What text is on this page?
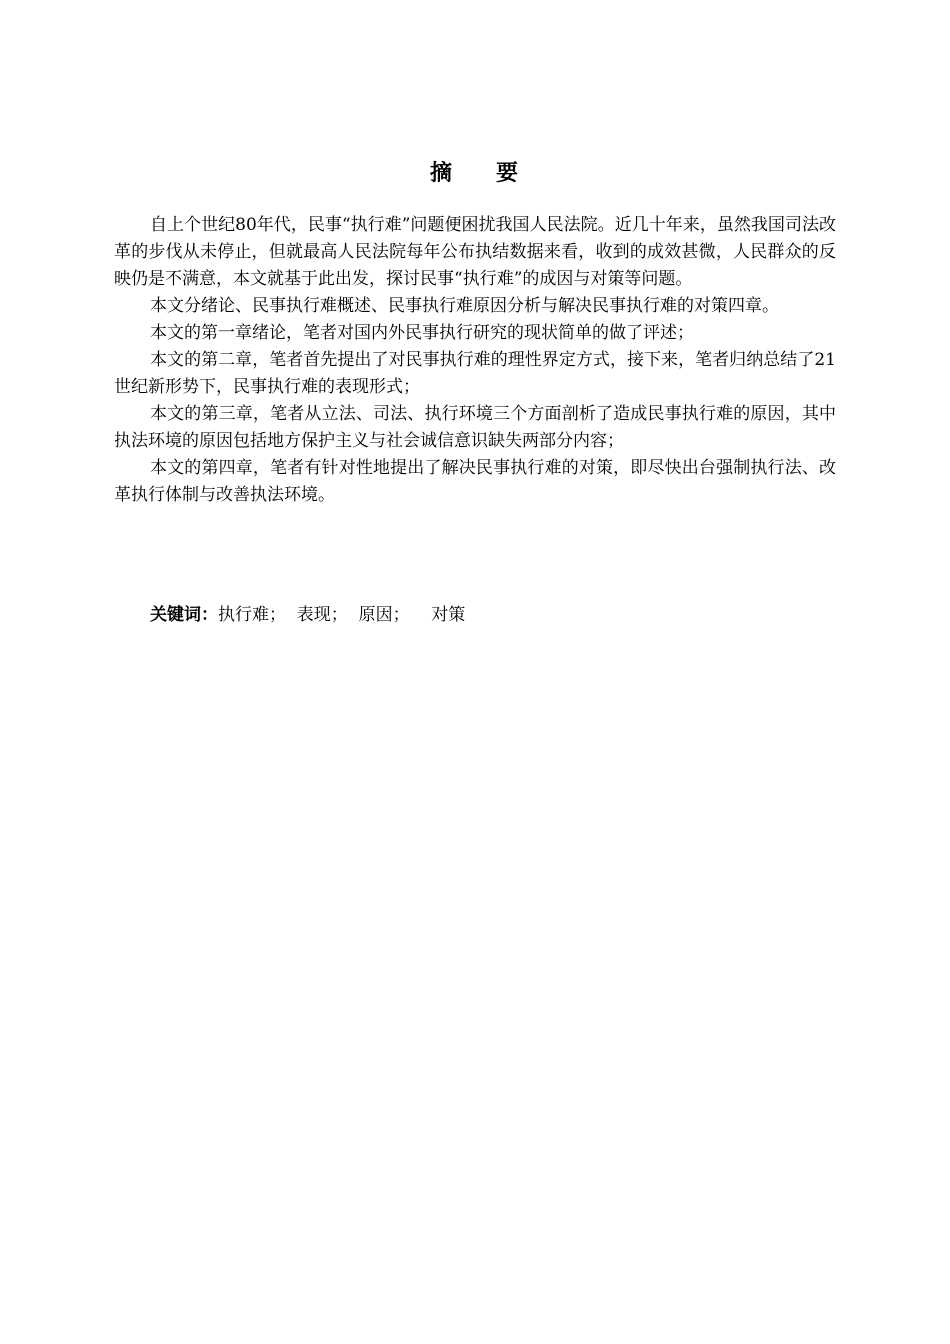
摘 要

自上个世纪80年代，民事“执行难”问题便困扰我国人民法院。近几十年来，虽然我国司法改革的步伐从未停止，但就最高人民法院每年公布执结数据来看，收到的成效甚微，人民群众的反映仍是不满意，本文就基于此出发，探讨民事“执行难”的成因与对策等问题。

本文分绪论、民事执行难概述、民事执行难原因分析与解决民事执行难的对策四章。

本文的第一章绪论，笔者对国内外民事执行研究的现状简单的做了评述；

本文的第二章，笔者首先提出了对民事执行难的理性界定方式，接下来，笔者归纳总结了21世纪新形势下，民事执行难的表现形式；

本文的第三章，笔者从立法、司法、执行环境三个方面剖析了造成民事执行难的原因，其中执法环境的原因包括地方保护主义与社会诚信意识缺失两部分内容；

本文的第四章，笔者有针对性地提出了解决民事执行难的对策，即尽快出台强制执行法、改革执行体制与改善执法环境。

关键词：执行难；  表现；  原因；    对策
